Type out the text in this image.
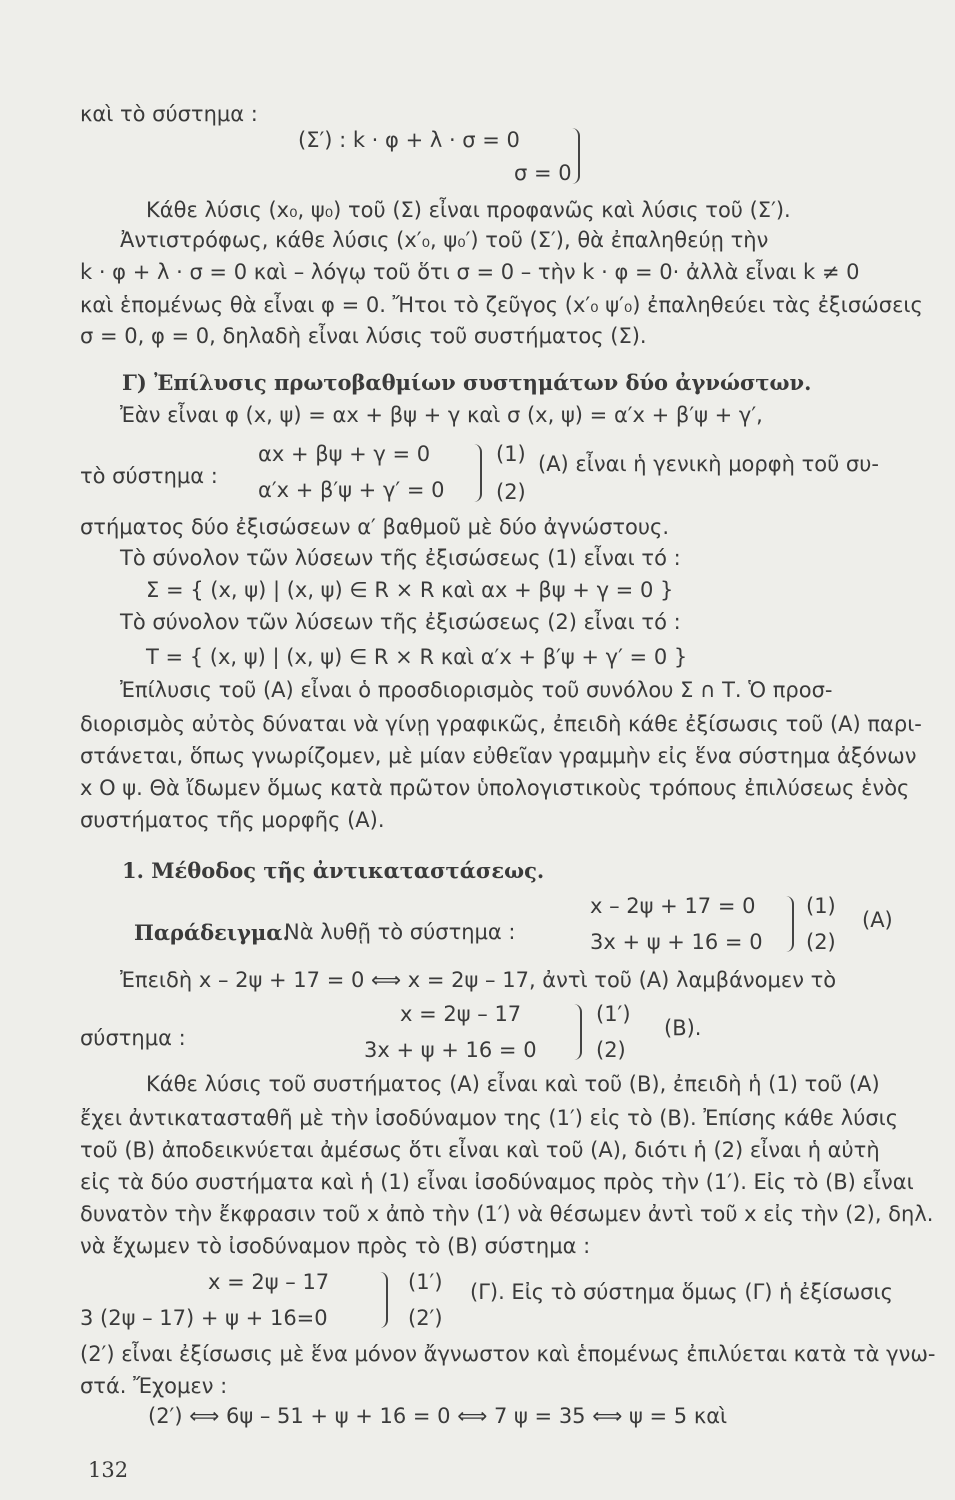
καὶ τὸ σύστημα :
(Σ′) : k · φ + λ · σ = 0
σ = 0
Κάθε λύσις (x₀, ψ₀) τοῦ (Σ) εἶναι προφανῶς καὶ λύσις τοῦ (Σ′).
Ἀντιστρόφως, κάθε λύσις (x′₀, ψ₀′) τοῦ (Σ′), θὰ ἐπαληθεύῃ τὴν
k · φ + λ · σ = 0 καὶ – λόγῳ τοῦ ὅτι σ = 0 – τὴν k · φ = 0· ἀλλὰ εἶναι k ≠ 0
καὶ ἑπομένως θὰ εἶναι φ = 0. Ἤτοι τὸ ζεῦγος (x′₀ ψ′₀) ἐπαληθεύει τὰς ἐξισώσεις
σ = 0, φ = 0, δηλαδὴ εἶναι λύσις τοῦ συστήματος (Σ).
Γ) Ἐπίλυσις πρωτοβαθμίων συστημάτων δύο ἀγνώστων.
Ἐὰν εἶναι φ (x, ψ) = αx + βψ + γ καὶ σ (x, ψ) = α′x + β′ψ + γ′,
αx + βψ + γ = 0	(1) (Α) εἶναι ἡ γενικὴ μορφὴ τοῦ συ-
τὸ σύστημα :
α′x + β′ψ + γ′ = 0 (2)
στήματος δύο ἐξισώσεων α′ βαθμοῦ μὲ δύο ἀγνώστους.
Τὸ σύνολον τῶν λύσεων τῆς ἐξισώσεως (1) εἶναι τό :
Σ = { (x, ψ) | (x, ψ) ∈ R × R καὶ αx + βψ + γ = 0 }
Τὸ σύνολον τῶν λύσεων τῆς ἐξισώσεως (2) εἶναι τό :
Τ = { (x, ψ) | (x, ψ) ∈ R × R καὶ α′x + β′ψ + γ′ = 0 }
Ἐπίλυσις τοῦ (Α) εἶναι ὁ προσδιορισμὸς τοῦ συνόλου Σ ∩ Τ. Ὁ προσ-
διορισμὸς αὐτὸς δύναται νὰ γίνῃ γραφικῶς, ἐπειδὴ κάθε ἐξίσωσις τοῦ (Α) παρι-
στάνεται, ὅπως γνωρίζομεν, μὲ μίαν εὐθεῖαν γραμμὴν εἰς ἕνα σύστημα ἀξόνων
x O ψ. Θὰ ἴδωμεν ὅμως κατὰ πρῶτον ὑπολογιστικοὺς τρόπους ἐπιλύσεως ἑνὸς
συστήματος τῆς μορφῆς (Α).
1. Μέθοδος τῆς ἀντικαταστάσεως.
x – 2ψ + 17 = 0 (1)
(Α)
Παράδειγμα.
Νὰ λυθῇ τὸ σύστημα :	3x + ψ + 16 = 0 (2)
Ἐπειδὴ x – 2ψ + 17 = 0 ⟺ x = 2ψ – 17, ἀντὶ τοῦ (Α) λαμβάνομεν τὸ
x = 2ψ – 17	(1′)
(Β).
σύστημα :	3x + ψ + 16 = 0	(2)
Κάθε λύσις τοῦ συστήματος (Α) εἶναι καὶ τοῦ (Β), ἐπειδὴ ἡ (1) τοῦ (Α)
ἔχει ἀντικατασταθῆ μὲ τὴν ἰσοδύναμον της (1′) εἰς τὸ (Β). Ἐπίσης κάθε λύσις
τοῦ (Β) ἀποδεικνύεται ἀμέσως ὅτι εἶναι καὶ τοῦ (Α), διότι ἡ (2) εἶναι ἡ αὐτὴ
εἰς τὰ δύο συστήματα καὶ ἡ (1) εἶναι ἰσοδύναμος πρὸς τὴν (1′). Εἰς τὸ (Β) εἶναι
δυνατὸν τὴν ἔκφρασιν τοῦ x ἀπὸ τὴν (1′) νὰ θέσωμεν ἀντὶ τοῦ x εἰς τὴν (2), δηλ.
νὰ ἔχωμεν τὸ ἰσοδύναμον πρὸς τὸ (Β) σύστημα :
x = 2ψ – 17	(1′) (Γ). Εἰς τὸ σύστημα ὅμως (Γ) ἡ ἐξίσωσις
3 (2ψ – 17) + ψ + 16=0	(2′)
(2′) εἶναι ἐξίσωσις μὲ ἕνα μόνον ἄγνωστον καὶ ἑπομένως ἐπιλύεται κατὰ τὰ γνω-
στά. Ἔχομεν :
(2′) ⟺ 6ψ – 51 + ψ + 16 = 0 ⟺ 7 ψ = 35 ⟺ ψ = 5 καὶ
132
